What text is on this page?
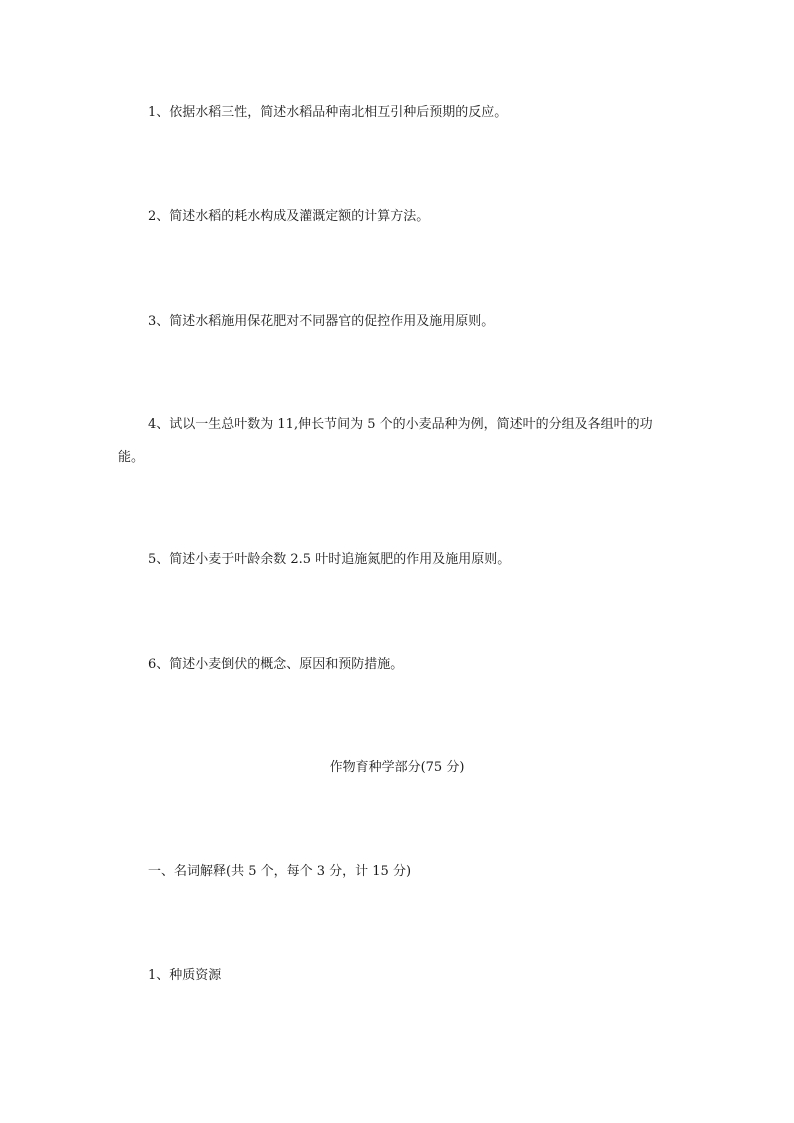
1、依据水稻三性，简述水稻品种南北相互引种后预期的反应。
2、简述水稻的耗水构成及灌溉定额的计算方法。
3、简述水稻施用保花肥对不同器官的促控作用及施用原则。
4、试以一生总叶数为 11,伸长节间为 5 个的小麦品种为例，简述叶的分组及各组叶的功能。
5、简述小麦于叶龄余数 2.5 叶时追施氮肥的作用及施用原则。
6、简述小麦倒伏的概念、原因和预防措施。
作物育种学部分(75 分)
一、名词解释(共 5 个，每个 3 分，计 15 分)
1、种质资源
